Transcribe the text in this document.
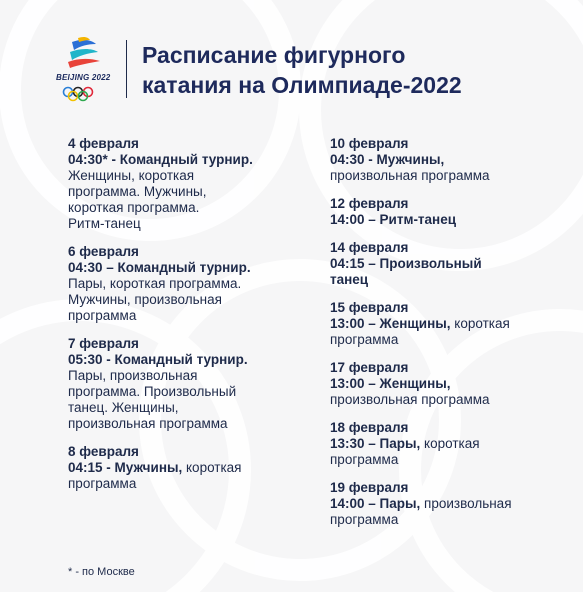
BEIJING 2022
Расписание фигурного
катания на Олимпиаде-2022
4 февраля
04:30* - Командный турнир.
Женщины, короткая
программа. Мужчины,
короткая программа.
Ритм-танец
6 февраля
04:30 – Командный турнир.
Пары, короткая программа.
Мужчины, произвольная
программа
7 февраля
05:30 - Командный турнир.
Пары, произвольная
программа. Произвольный
танец. Женщины,
произвольная программа
8 февраля
04:15 - Мужчины, короткая
программа
10 февраля
04:30 - Мужчины,
произвольная программа
12 февраля
14:00 – Ритм-танец
14 февраля
04:15 – Произвольный
танец
15 февраля
13:00 – Женщины, короткая
программа
17 февраля
13:00 – Женщины,
произвольная программа
18 февраля
13:30 – Пары, короткая
программа
19 февраля
14:00 – Пары, произвольная
программа
* - по Москве
